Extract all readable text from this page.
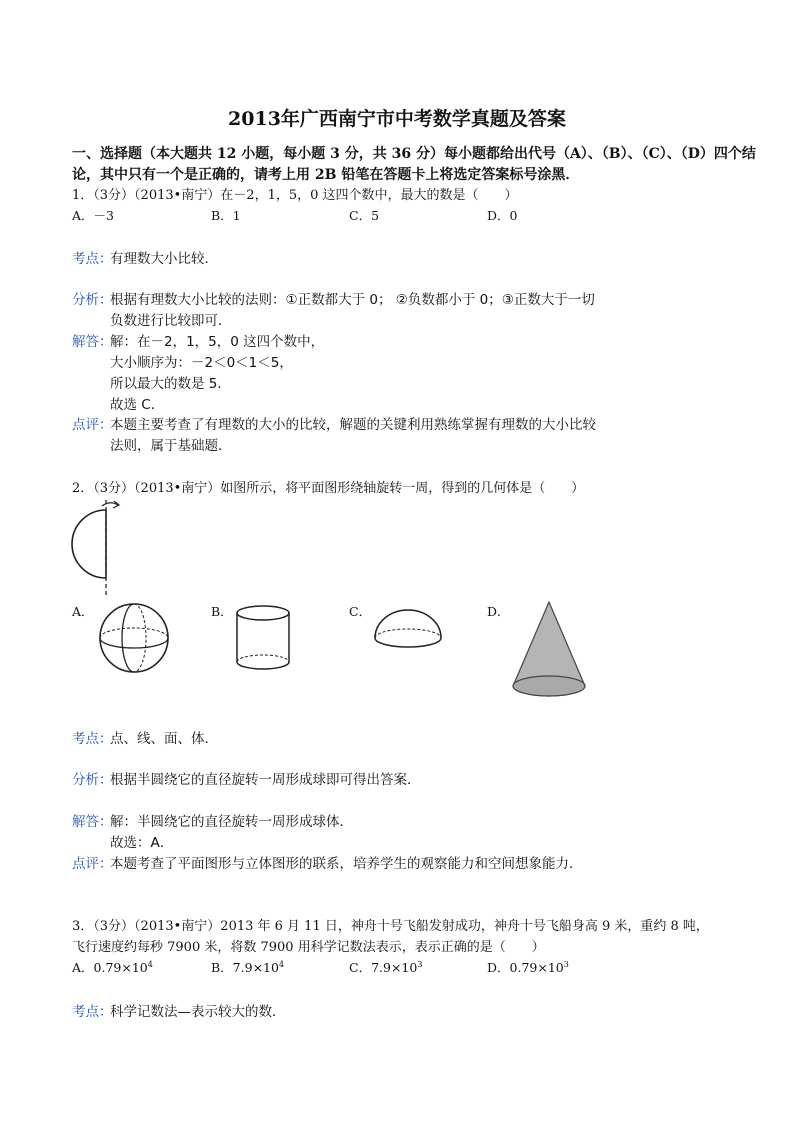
2013年广西南宁市中考数学真题及答案
一、选择题（本大题共 12 小题，每小题 3 分，共 36 分）每小题都给出代号（A）、（B）、（C）、（D）四个结
论，其中只有一个是正确的，请考上用 2B 铅笔在答题卡上将选定答案标号涂黑．
1．（3分）（2013•南宁）在－2，1，5，0 这四个数中，最大的数是（　　）
A．－3	B．1	C．5	D．0
考点：
有理数大小比较．
分析：
根据有理数大小比较的法则：①正数都大于 0； ②负数都小于 0；③正数大于一切
负数进行比较即可．
解答：
解：在－2，1，5，0 这四个数中，
大小顺序为：－2＜0＜1＜5，
所以最大的数是 5．
故选 C．
点评：
本题主要考查了有理数的大小的比较，解题的关键利用熟练掌握有理数的大小比较
法则，属于基础题．
2．（3分）（2013•南宁）如图所示，将平面图形绕轴旋转一周，得到的几何体是（　　）
A．	B．	C．	D．
考点：
点、线、面、体．
分析：
根据半圆绕它的直径旋转一周形成球即可得出答案．
解答：
解：半圆绕它的直径旋转一周形成球体．
故选：A．
点评：
本题考查了平面图形与立体图形的联系，培养学生的观察能力和空间想象能力．
3．（3分）（2013•南宁）2013 年 6 月 11 日，神舟十号飞船发射成功，神舟十号飞船身高 9 米，重约 8 吨，
飞行速度约每秒 7900 米，将数 7900 用科学记数法表示，表示正确的是（　　）
A．$0.79\times 10^4$	B．$7.9\times 10^4$	C．$7.9\times 10^3$	D．$0.79\times 10^3$
考点：
科学记数法—表示较大的数．
